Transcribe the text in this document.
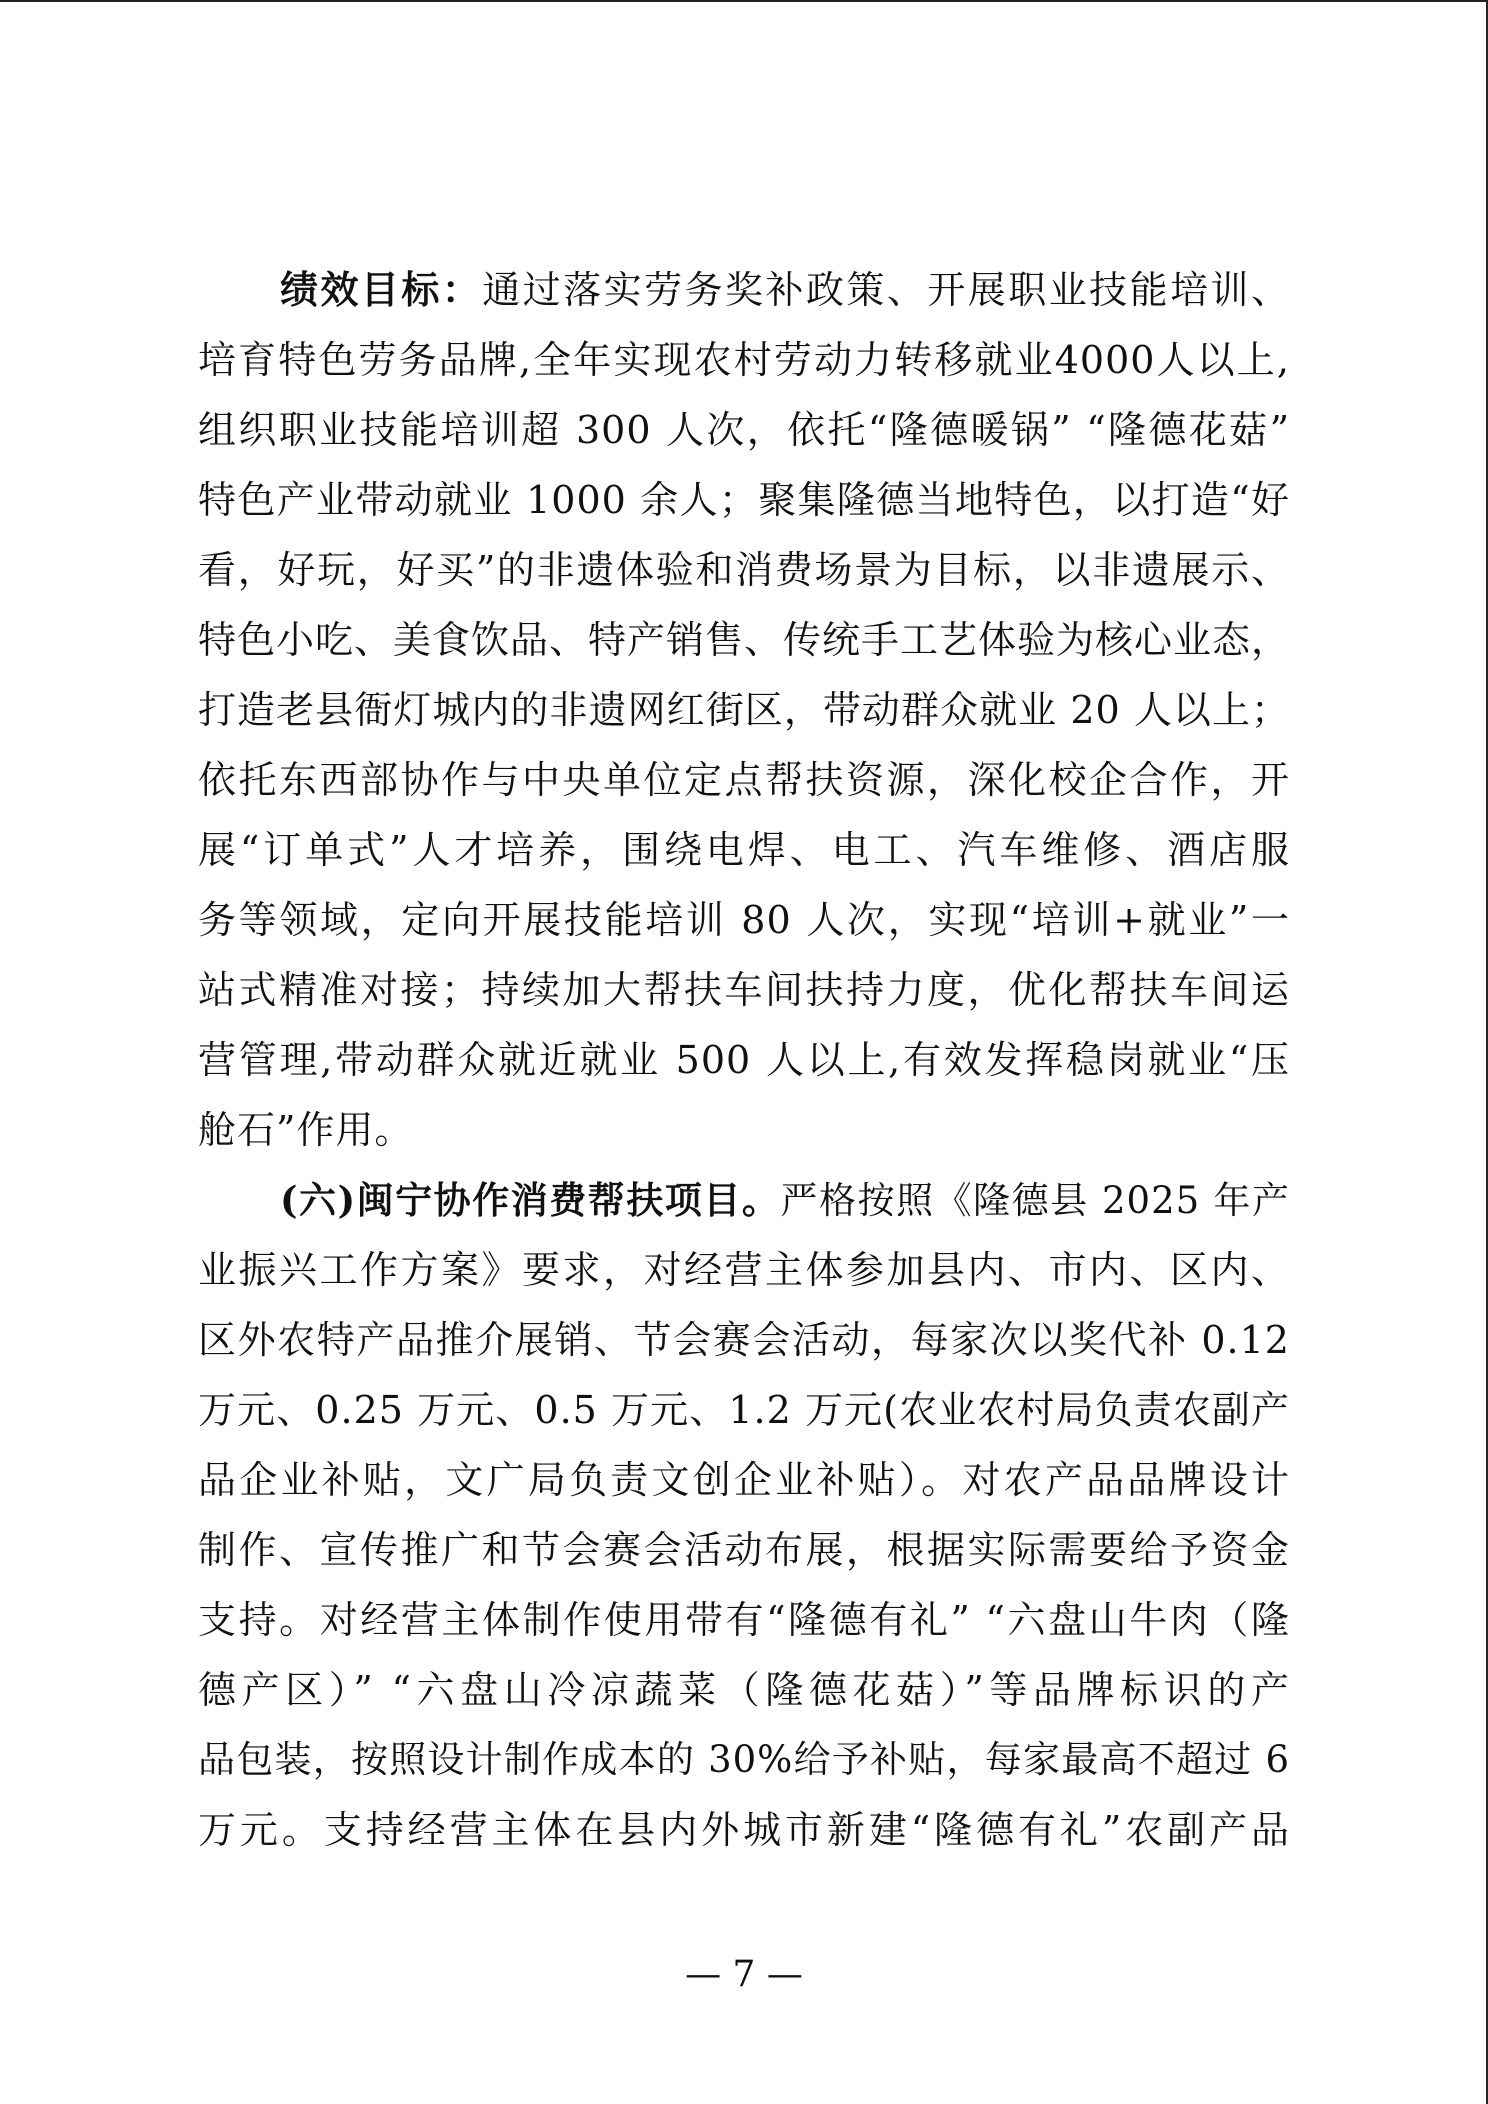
绩效目标：通过落实劳务奖补政策、开展职业技能培训、
培育特色劳务品牌,全年实现农村劳动力转移就业4000人以上,
组织职业技能培训超 300 人次，依托“隆德暖锅” “隆德花菇”
特色产业带动就业 1000 余人；聚集隆德当地特色，以打造“好
看，好玩，好买”的非遗体验和消费场景为目标，以非遗展示、
特色小吃、美食饮品、特产销售、传统手工艺体验为核心业态，
打造老县衙灯城内的非遗网红街区，带动群众就业 20 人以上；
依托东西部协作与中央单位定点帮扶资源，深化校企合作，开
展“订单式”人才培养，围绕电焊、电工、汽车维修、酒店服
务等领域，定向开展技能培训 80 人次，实现“培训+就业”一
站式精准对接；持续加大帮扶车间扶持力度，优化帮扶车间运
营管理,带动群众就近就业 500 人以上,有效发挥稳岗就业“压
舱石”作用。
(六)闽宁协作消费帮扶项目。严格按照《隆德县 2025 年产
业振兴工作方案》要求，对经营主体参加县内、市内、区内、
区外农特产品推介展销、节会赛会活动，每家次以奖代补 0.12
万元、0.25 万元、0.5 万元、1.2 万元(农业农村局负责农副产
品企业补贴，文广局负责文创企业补贴）。对农产品品牌设计
制作、宣传推广和节会赛会活动布展，根据实际需要给予资金
支持。对经营主体制作使用带有“隆德有礼” “六盘山牛肉（隆
德产区）” “六盘山冷凉蔬菜（隆德花菇）”等品牌标识的产
品包装，按照设计制作成本的 30%给予补贴，每家最高不超过 6
万元。支持经营主体在县内外城市新建“隆德有礼”农副产品
— 7 —
